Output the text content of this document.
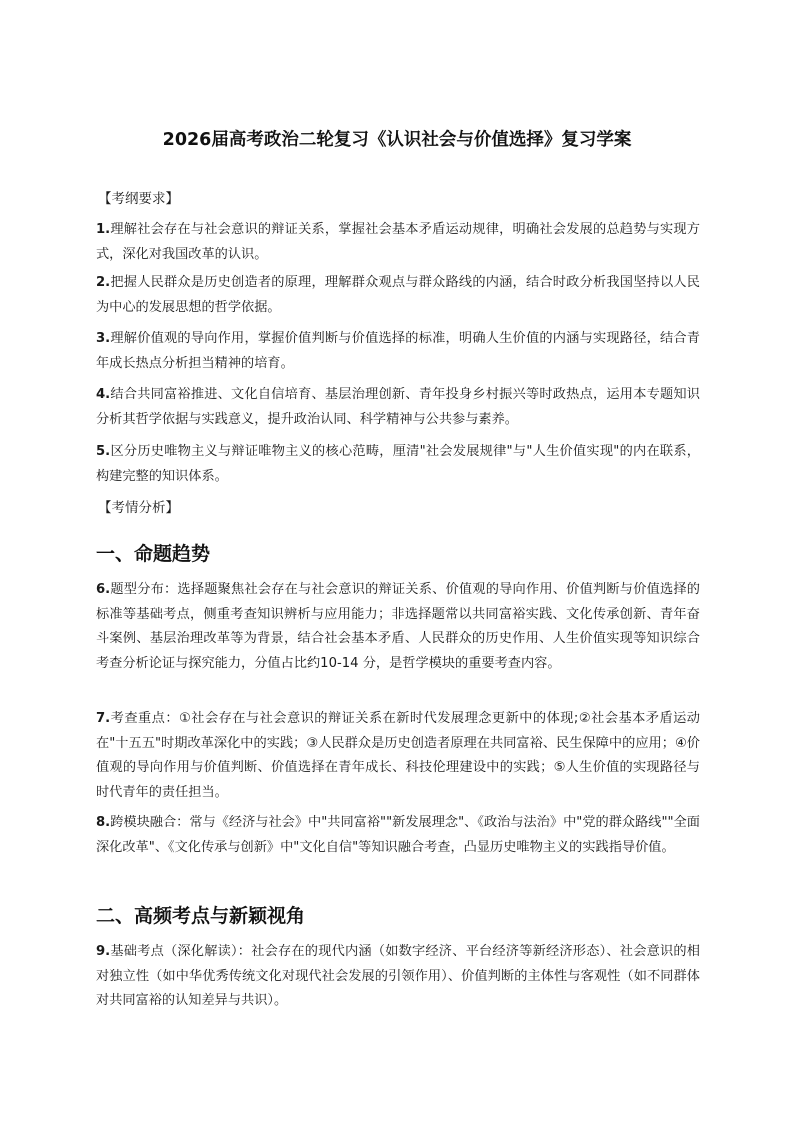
2026届高考政治二轮复习《认识社会与价值选择》复习学案
【考纲要求】
1.理解社会存在与社会意识的辩证关系，掌握社会基本矛盾运动规律，明确社会发展的总趋势与实现方式，深化对我国改革的认识。
2.把握人民群众是历史创造者的原理，理解群众观点与群众路线的内涵，结合时政分析我国坚持以人民为中心的发展思想的哲学依据。
3.理解价值观的导向作用，掌握价值判断与价值选择的标准，明确人生价值的内涵与实现路径，结合青年成长热点分析担当精神的培育。
4.结合共同富裕推进、文化自信培育、基层治理创新、青年投身乡村振兴等时政热点，运用本专题知识分析其哲学依据与实践意义，提升政治认同、科学精神与公共参与素养。
5.区分历史唯物主义与辩证唯物主义的核心范畴，厘清"社会发展规律"与"人生价值实现"的内在联系，构建完整的知识体系。
【考情分析】
一、命题趋势
6.题型分布：选择题聚焦社会存在与社会意识的辩证关系、价值观的导向作用、价值判断与价值选择的标准等基础考点，侧重考查知识辨析与应用能力；非选择题常以共同富裕实践、文化传承创新、青年奋斗案例、基层治理改革等为背景，结合社会基本矛盾、人民群众的历史作用、人生价值实现等知识综合考查分析论证与探究能力，分值占比约10-14 分，是哲学模块的重要考查内容。
7.考查重点：①社会存在与社会意识的辩证关系在新时代发展理念更新中的体现;②社会基本矛盾运动在"十五五"时期改革深化中的实践；③人民群众是历史创造者原理在共同富裕、民生保障中的应用；④价值观的导向作用与价值判断、价值选择在青年成长、科技伦理建设中的实践；⑤人生价值的实现路径与时代青年的责任担当。
8.跨模块融合：常与《经济与社会》中"共同富裕""新发展理念"、《政治与法治》中"党的群众路线""全面深化改革"、《文化传承与创新》中"文化自信"等知识融合考查，凸显历史唯物主义的实践指导价值。
二、高频考点与新颖视角
9.基础考点（深化解读）：社会存在的现代内涵（如数字经济、平台经济等新经济形态）、社会意识的相对独立性（如中华优秀传统文化对现代社会发展的引领作用）、价值判断的主体性与客观性（如不同群体对共同富裕的认知差异与共识）。
